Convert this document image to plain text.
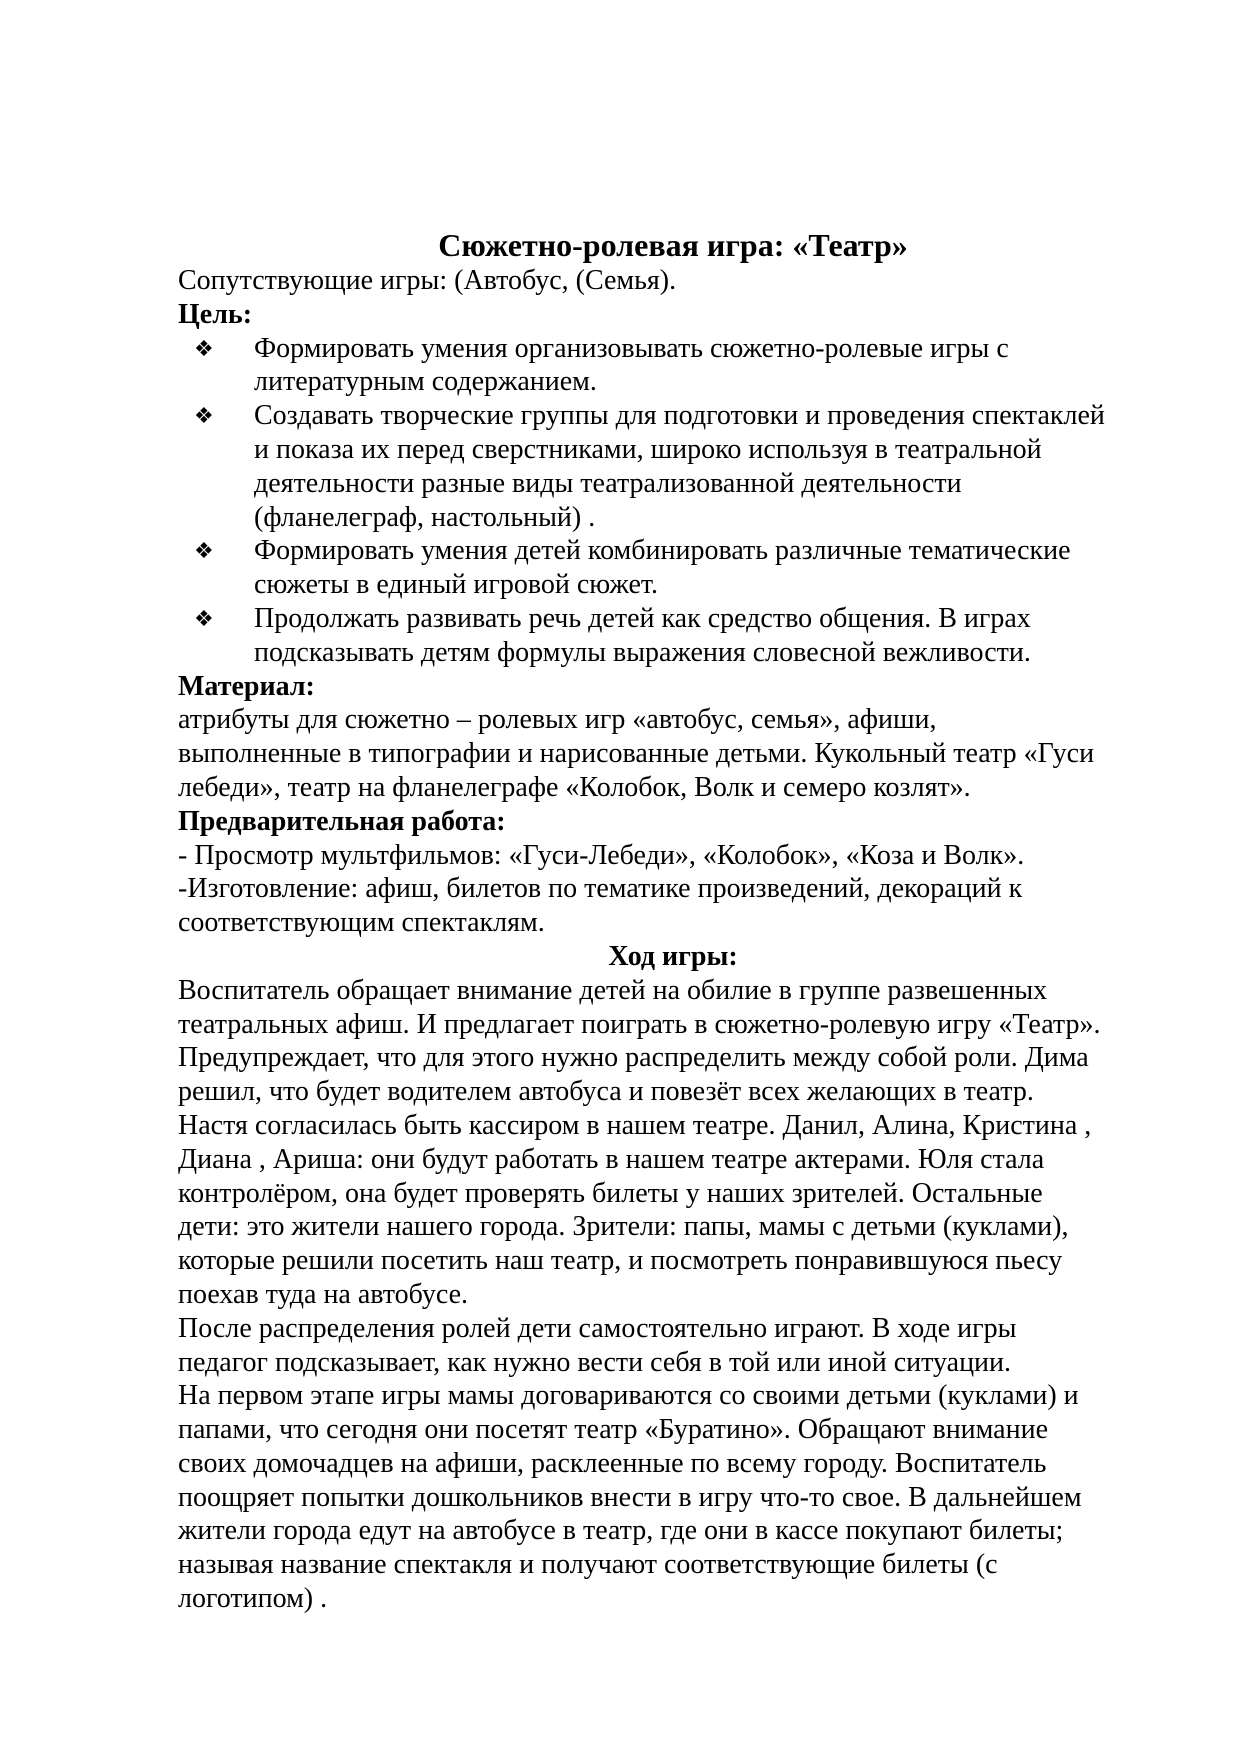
Сюжетно-ролевая игра: «Театр»
Сопутствующие игры: (Автобус, (Семья).
Цель:
❖ Формировать умения организовывать сюжетно-ролевые игры с
литературным содержанием.
❖ Создавать творческие группы для подготовки и проведения спектаклей
и показа их перед сверстниками, широко используя в театральной
деятельности разные виды театрализованной деятельности
(фланелеграф, настольный) .
❖ Формировать умения детей комбинировать различные тематические
сюжеты в единый игровой сюжет.
❖ Продолжать развивать речь детей как средство общения. В играх
подсказывать детям формулы выражения словесной вежливости.
Материал:
атрибуты для сюжетно – ролевых игр «автобус, семья», афиши,
выполненные в типографии и нарисованные детьми. Кукольный театр «Гуси
лебеди», театр на фланелеграфе «Колобок, Волк и семеро козлят».
Предварительная работа:
- Просмотр мультфильмов: «Гуси-Лебеди», «Колобок», «Коза и Волк».
-Изготовление: афиш, билетов по тематике произведений, декораций к
соответствующим спектаклям.
Ход игры:
Воспитатель обращает внимание детей на обилие в группе развешенных
театральных афиш. И предлагает поиграть в сюжетно-ролевую игру «Театр».
Предупреждает, что для этого нужно распределить между собой роли. Дима
решил, что будет водителем автобуса и повезёт всех желающих в театр.
Настя согласилась быть кассиром в нашем театре. Данил, Алина, Кристина ,
Диана , Ариша: они будут работать в нашем театре актерами. Юля стала
контролёром, она будет проверять билеты у наших зрителей. Остальные
дети: это жители нашего города. Зрители: папы, мамы с детьми (куклами),
которые решили посетить наш театр, и посмотреть понравившуюся пьесу
поехав туда на автобусе.
После распределения ролей дети самостоятельно играют. В ходе игры
педагог подсказывает, как нужно вести себя в той или иной ситуации.
На первом этапе игры мамы договариваются со своими детьми (куклами) и
папами, что сегодня они посетят театр «Буратино». Обращают внимание
своих домочадцев на афиши, расклеенные по всему городу. Воспитатель
поощряет попытки дошкольников внести в игру что-то свое. В дальнейшем
жители города едут на автобусе в театр, где они в кассе покупают билеты;
называя название спектакля и получают соответствующие билеты (с
логотипом) .
